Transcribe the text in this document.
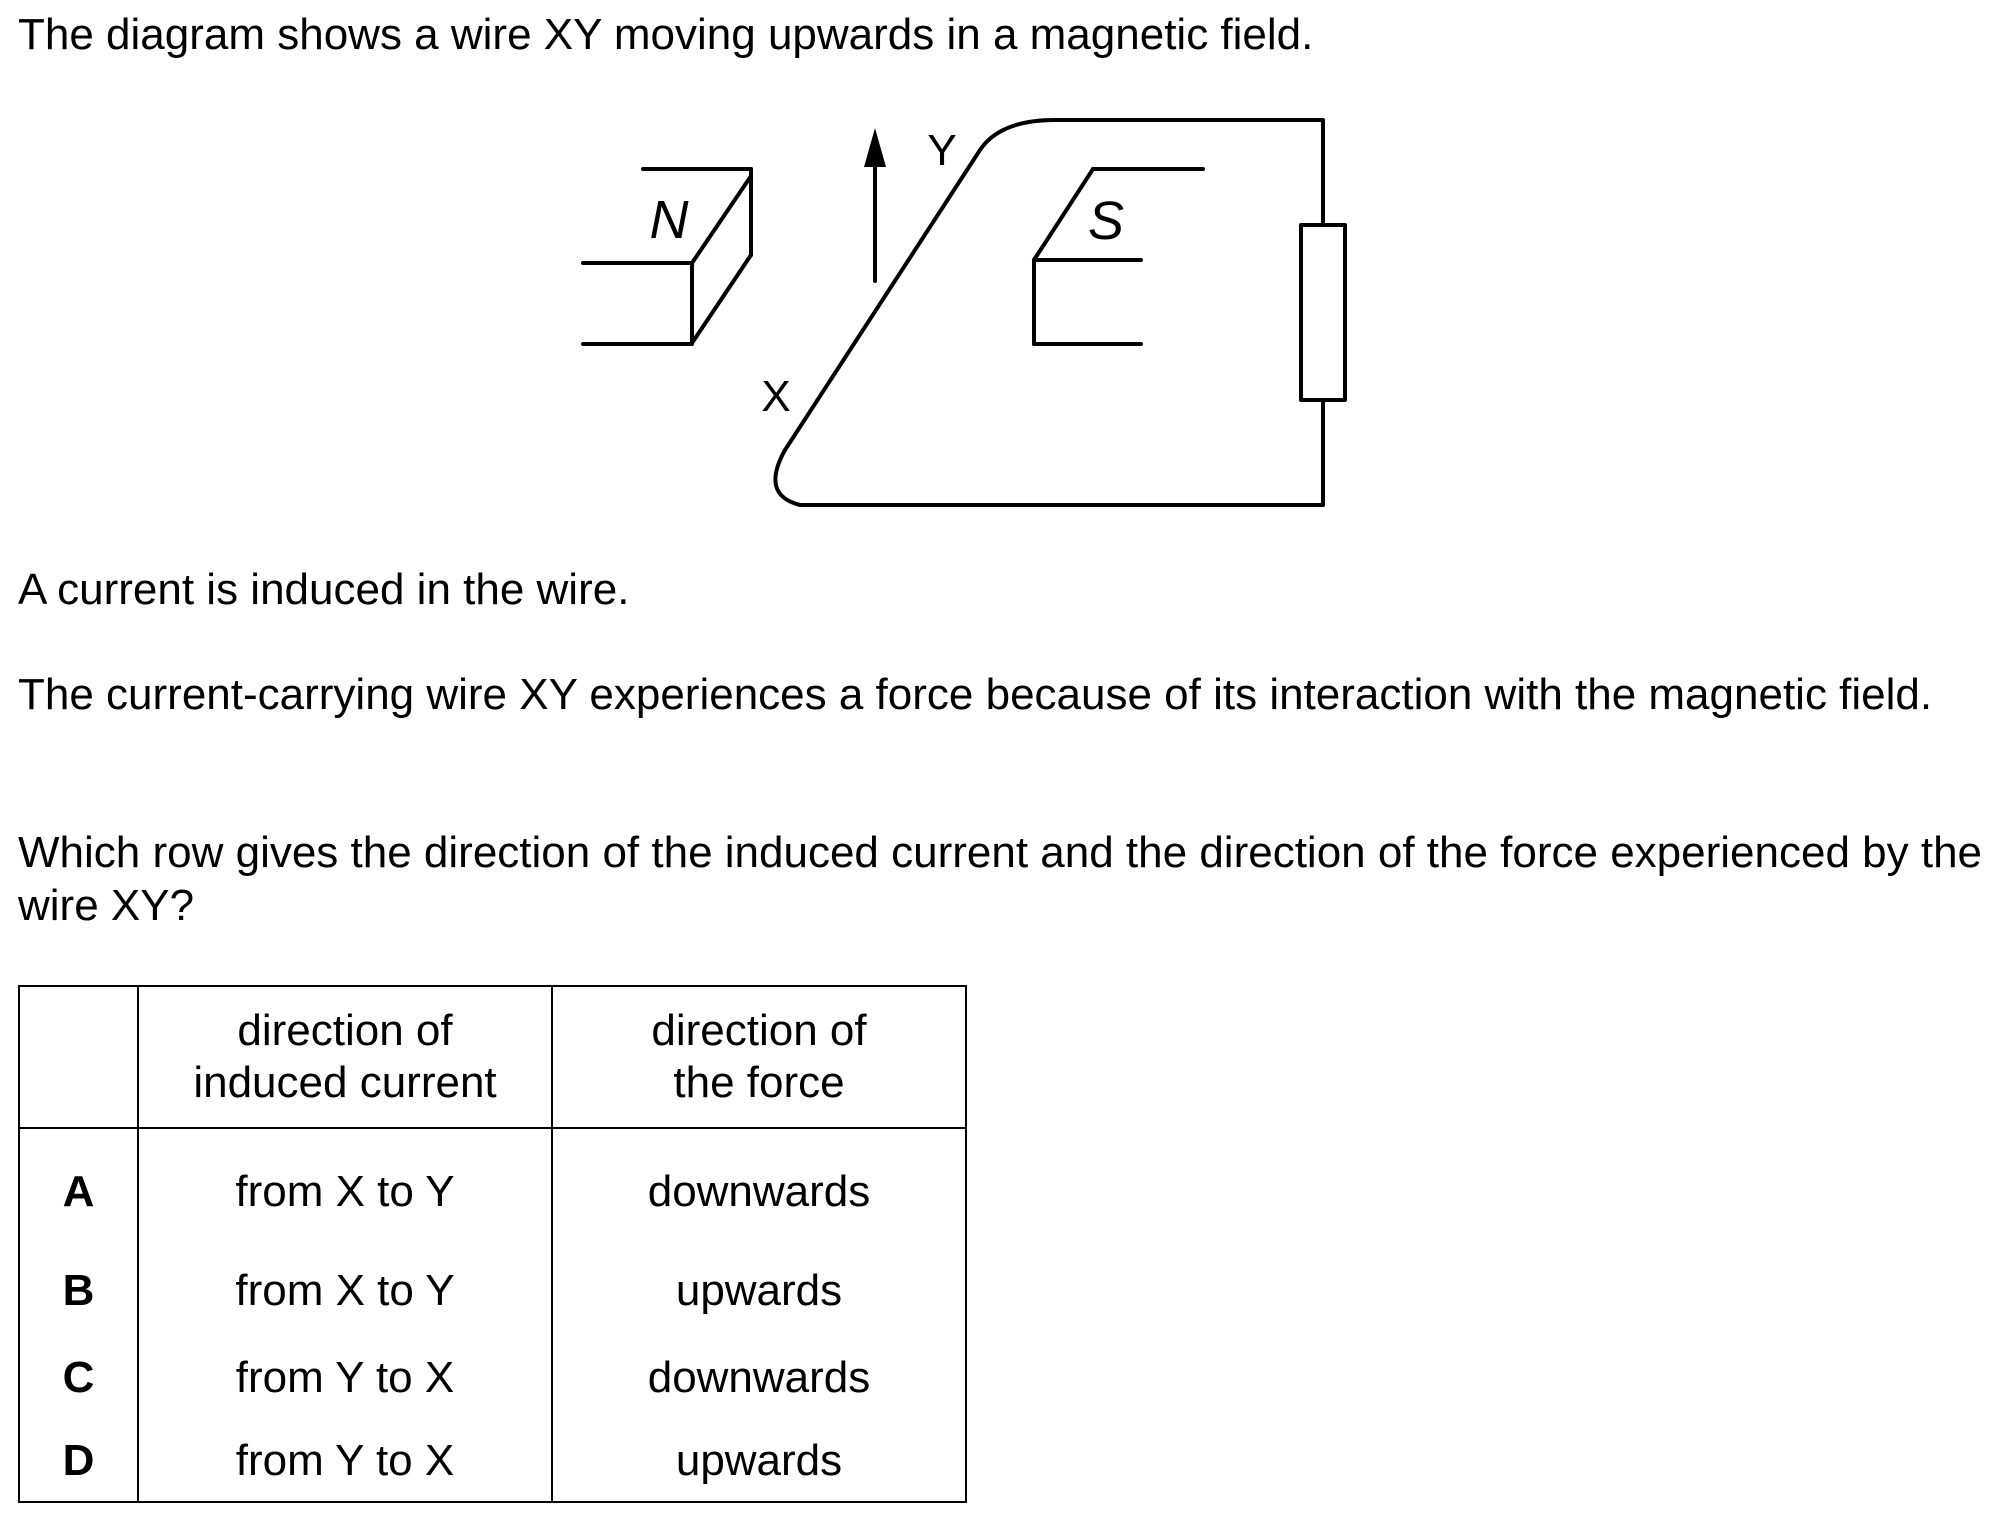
The diagram shows a wire XY moving upwards in a magnetic field.

N	S
Y
X

A current is induced in the wire.

The current-carrying wire XY experiences a force because of its interaction with the magnetic field.

Which row gives the direction of the induced current and the direction of the force experienced by the wire XY?

	direction of induced current	direction of the force
A	from X to Y	downwards
B	from X to Y	upwards
C	from Y to X	downwards
D	from Y to X	upwards
